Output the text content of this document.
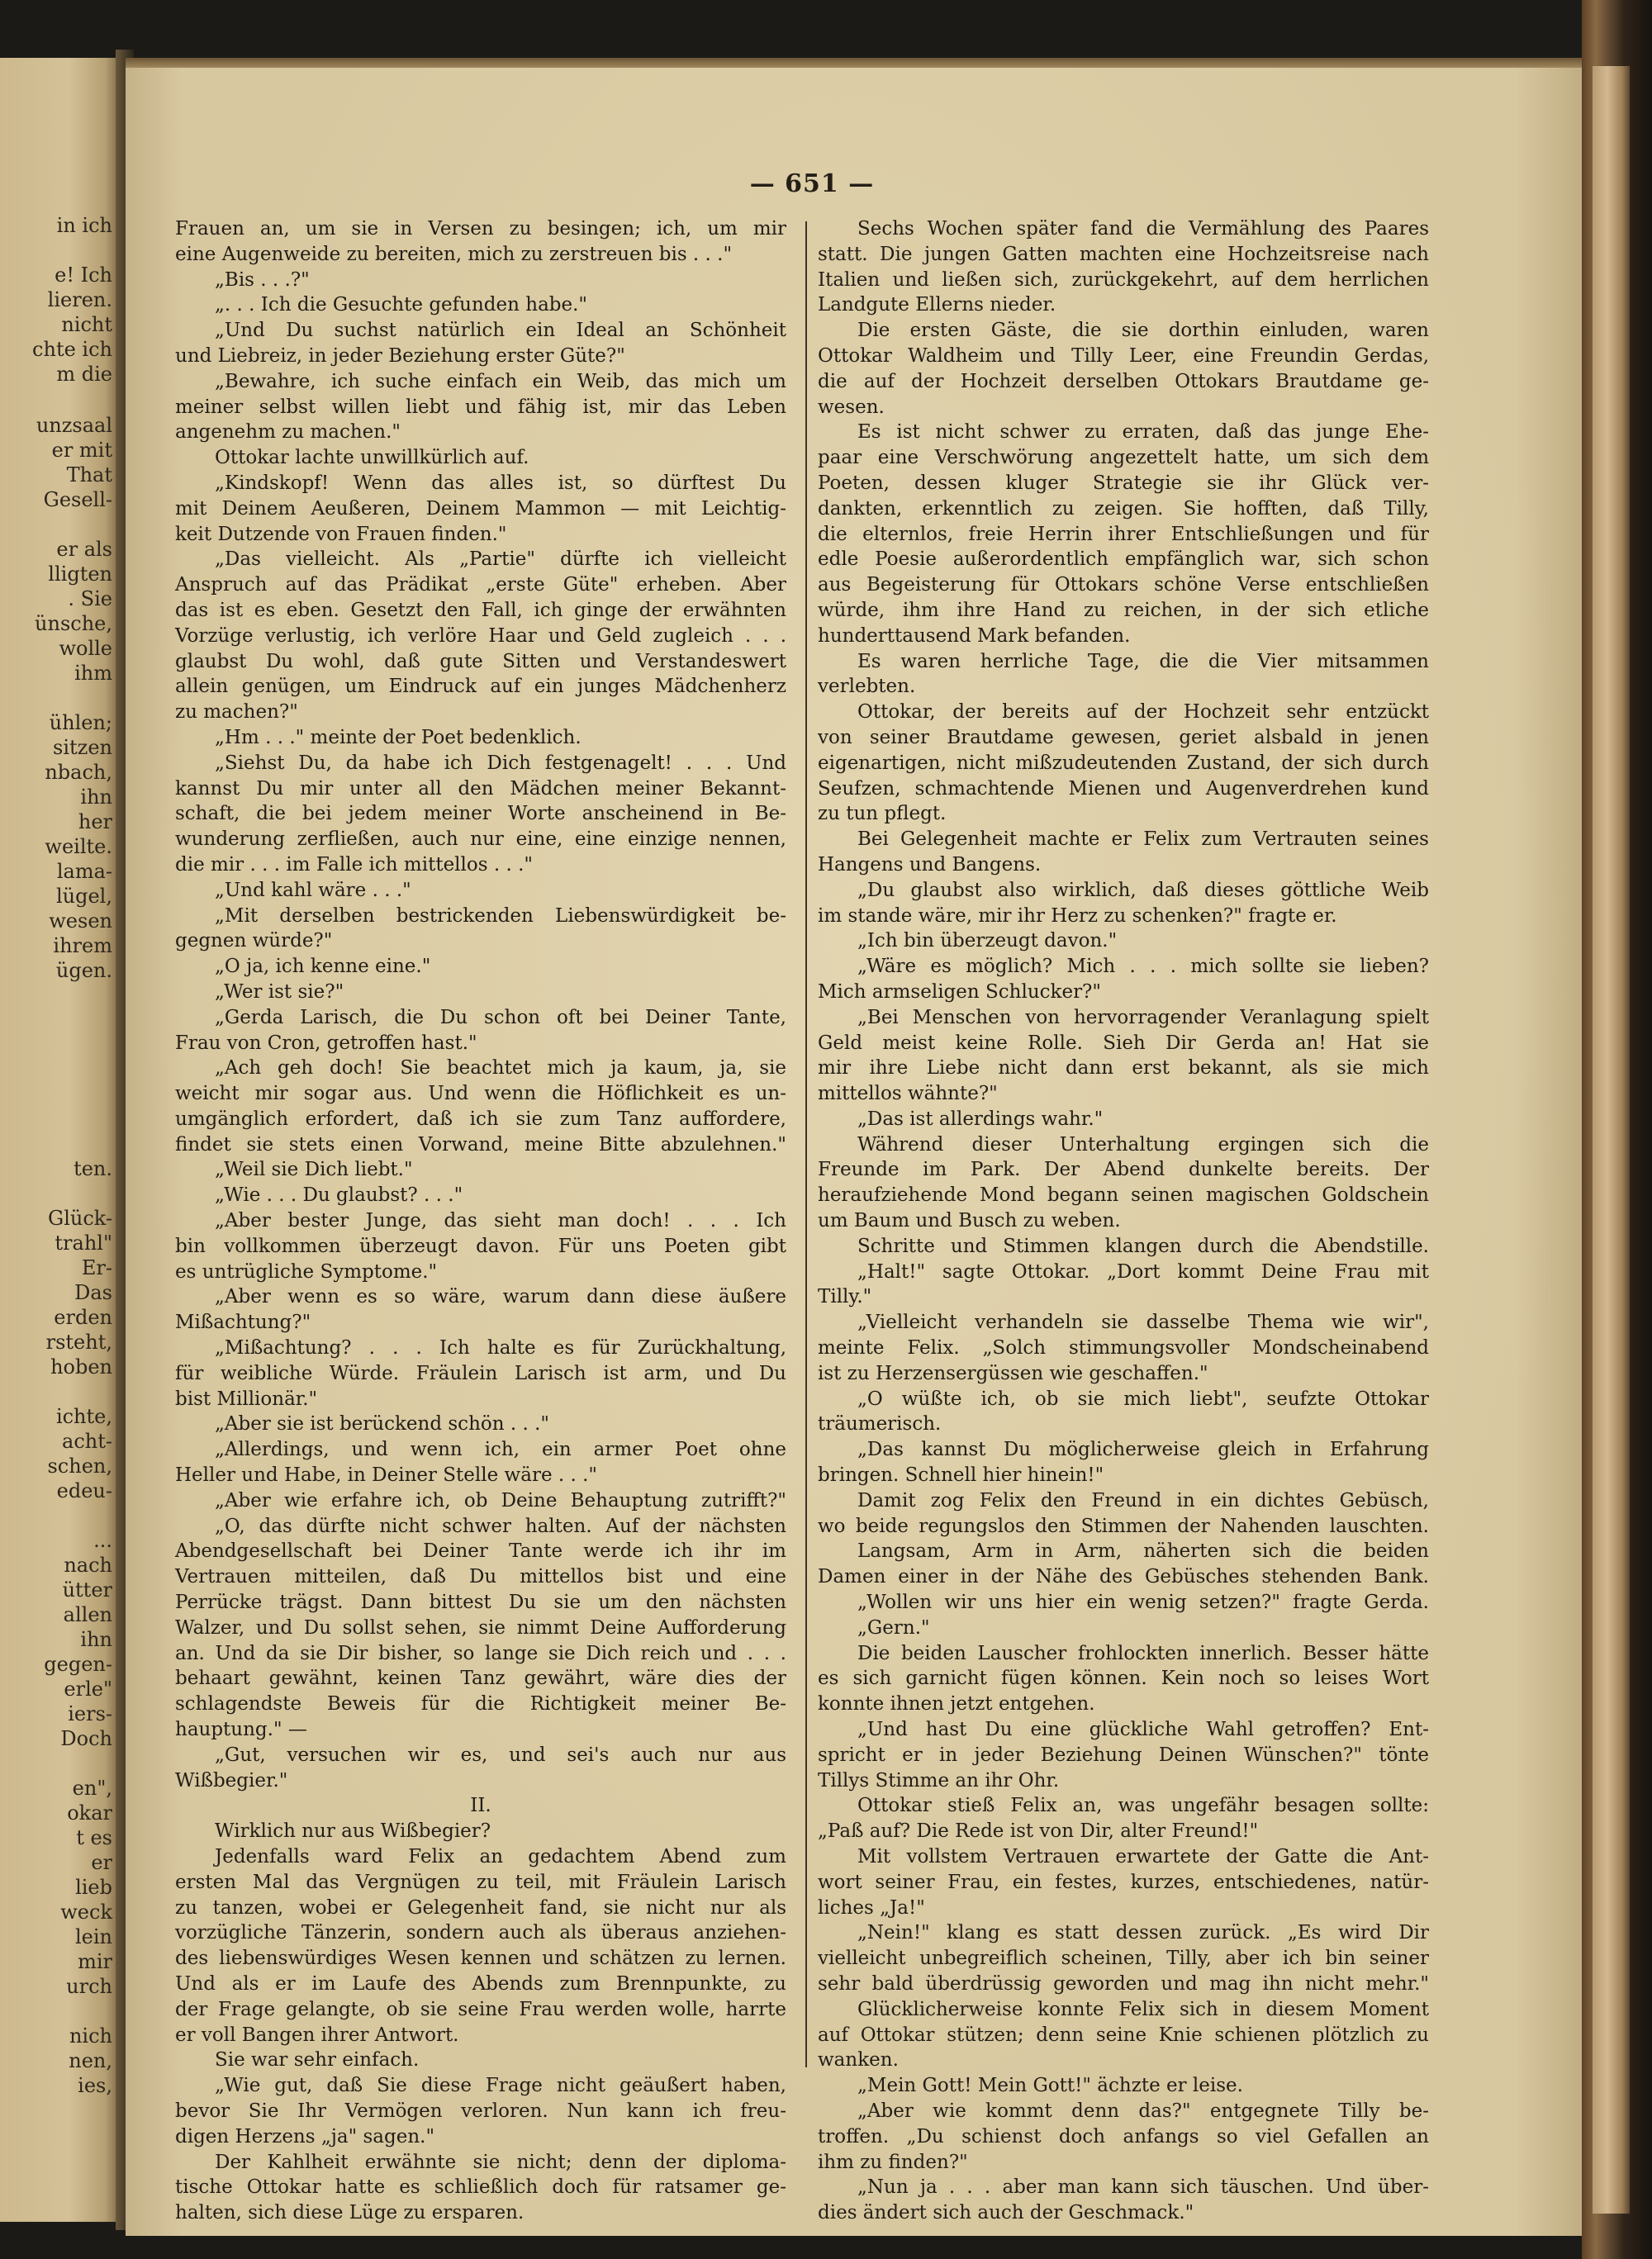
in ich

e! Ich

lieren.

nicht

chte ich

m die

unzsaal

er mit

That

Gesell-

er als

lligten

. Sie

ünsche,

wolle

ihm

ühlen;

sitzen

nbach,

ihn

her

weilte.

lama-

lügel,

wesen

ihrem

ügen.

ten.

Glück-

trahl"

Er-

Das

erden

rsteht,

hoben

ichte,

acht-

schen,

edeu-

...

nach

ütter

allen

ihn

gegen-

erle"

iers-

Doch

en",

okar

t es

er

lieb

weck

lein

mir

urch

nich

nen,

ies,

— 651 —

Frauen an, um sie in Versen zu besingen; ich, um mir

eine Augenweide zu bereiten, mich zu zerstreuen bis . . ."

„Bis . . .?"

„. . . Ich die Gesuchte gefunden habe."

„Und Du suchst natürlich ein Ideal an Schönheit

und Liebreiz, in jeder Beziehung erster Güte?"

„Bewahre, ich suche einfach ein Weib, das mich um

meiner selbst willen liebt und fähig ist, mir das Leben

angenehm zu machen."

Ottokar lachte unwillkürlich auf.

„Kindskopf! Wenn das alles ist, so dürftest Du

mit Deinem Aeußeren, Deinem Mammon — mit Leichtig-

keit Dutzende von Frauen finden."

„Das vielleicht. Als „Partie" dürfte ich vielleicht

Anspruch auf das Prädikat „erste Güte" erheben. Aber

das ist es eben. Gesetzt den Fall, ich ginge der erwähnten

Vorzüge verlustig, ich verlöre Haar und Geld zugleich . . .

glaubst Du wohl, daß gute Sitten und Verstandeswert

allein genügen, um Eindruck auf ein junges Mädchenherz

zu machen?"

„Hm . . ." meinte der Poet bedenklich.

„Siehst Du, da habe ich Dich festgenagelt! . . . Und

kannst Du mir unter all den Mädchen meiner Bekannt-

schaft, die bei jedem meiner Worte anscheinend in Be-

wunderung zerfließen, auch nur eine, eine einzige nennen,

die mir . . . im Falle ich mittellos . . ."

„Und kahl wäre . . ."

„Mit derselben bestrickenden Liebenswürdigkeit be-

gegnen würde?"

„O ja, ich kenne eine."

„Wer ist sie?"

„Gerda Larisch, die Du schon oft bei Deiner Tante,

Frau von Cron, getroffen hast."

„Ach geh doch! Sie beachtet mich ja kaum, ja, sie

weicht mir sogar aus. Und wenn die Höflichkeit es un-

umgänglich erfordert, daß ich sie zum Tanz auffordere,

findet sie stets einen Vorwand, meine Bitte abzulehnen."

„Weil sie Dich liebt."

„Wie . . . Du glaubst? . . ."

„Aber bester Junge, das sieht man doch! . . . Ich

bin vollkommen überzeugt davon. Für uns Poeten gibt

es untrügliche Symptome."

„Aber wenn es so wäre, warum dann diese äußere

Mißachtung?"

„Mißachtung? . . . Ich halte es für Zurückhaltung,

für weibliche Würde. Fräulein Larisch ist arm, und Du

bist Millionär."

„Aber sie ist berückend schön . . ."

„Allerdings, und wenn ich, ein armer Poet ohne

Heller und Habe, in Deiner Stelle wäre . . ."

„Aber wie erfahre ich, ob Deine Behauptung zutrifft?"

„O, das dürfte nicht schwer halten. Auf der nächsten

Abendgesellschaft bei Deiner Tante werde ich ihr im

Vertrauen mitteilen, daß Du mittellos bist und eine

Perrücke trägst. Dann bittest Du sie um den nächsten

Walzer, und Du sollst sehen, sie nimmt Deine Aufforderung

an. Und da sie Dir bisher, so lange sie Dich reich und . . .

behaart gewähnt, keinen Tanz gewährt, wäre dies der

schlagendste Beweis für die Richtigkeit meiner Be-

hauptung." —

„Gut, versuchen wir es, und sei's auch nur aus

Wißbegier."

II.

Wirklich nur aus Wißbegier?

Jedenfalls ward Felix an gedachtem Abend zum

ersten Mal das Vergnügen zu teil, mit Fräulein Larisch

zu tanzen, wobei er Gelegenheit fand, sie nicht nur als

vorzügliche Tänzerin, sondern auch als überaus anziehen-

des liebenswürdiges Wesen kennen und schätzen zu lernen.

Und als er im Laufe des Abends zum Brennpunkte, zu

der Frage gelangte, ob sie seine Frau werden wolle, harrte

er voll Bangen ihrer Antwort.

Sie war sehr einfach.

„Wie gut, daß Sie diese Frage nicht geäußert haben,

bevor Sie Ihr Vermögen verloren. Nun kann ich freu-

digen Herzens „ja" sagen."

Der Kahlheit erwähnte sie nicht; denn der diploma-

tische Ottokar hatte es schließlich doch für ratsamer ge-

halten, sich diese Lüge zu ersparen.

Sechs Wochen später fand die Vermählung des Paares

statt. Die jungen Gatten machten eine Hochzeitsreise nach

Italien und ließen sich, zurückgekehrt, auf dem herrlichen

Landgute Ellerns nieder.

Die ersten Gäste, die sie dorthin einluden, waren

Ottokar Waldheim und Tilly Leer, eine Freundin Gerdas,

die auf der Hochzeit derselben Ottokars Brautdame ge-

wesen.

Es ist nicht schwer zu erraten, daß das junge Ehe-

paar eine Verschwörung angezettelt hatte, um sich dem

Poeten, dessen kluger Strategie sie ihr Glück ver-

dankten, erkenntlich zu zeigen. Sie hofften, daß Tilly,

die elternlos, freie Herrin ihrer Entschließungen und für

edle Poesie außerordentlich empfänglich war, sich schon

aus Begeisterung für Ottokars schöne Verse entschließen

würde, ihm ihre Hand zu reichen, in der sich etliche

hunderttausend Mark befanden.

Es waren herrliche Tage, die die Vier mitsammen

verlebten.

Ottokar, der bereits auf der Hochzeit sehr entzückt

von seiner Brautdame gewesen, geriet alsbald in jenen

eigenartigen, nicht mißzudeutenden Zustand, der sich durch

Seufzen, schmachtende Mienen und Augenverdrehen kund

zu tun pflegt.

Bei Gelegenheit machte er Felix zum Vertrauten seines

Hangens und Bangens.

„Du glaubst also wirklich, daß dieses göttliche Weib

im stande wäre, mir ihr Herz zu schenken?" fragte er.

„Ich bin überzeugt davon."

„Wäre es möglich? Mich . . . mich sollte sie lieben?

Mich armseligen Schlucker?"

„Bei Menschen von hervorragender Veranlagung spielt

Geld meist keine Rolle. Sieh Dir Gerda an! Hat sie

mir ihre Liebe nicht dann erst bekannt, als sie mich

mittellos wähnte?"

„Das ist allerdings wahr."

Während dieser Unterhaltung ergingen sich die

Freunde im Park. Der Abend dunkelte bereits. Der

heraufziehende Mond begann seinen magischen Goldschein

um Baum und Busch zu weben.

Schritte und Stimmen klangen durch die Abendstille.

„Halt!" sagte Ottokar. „Dort kommt Deine Frau mit

Tilly."

„Vielleicht verhandeln sie dasselbe Thema wie wir",

meinte Felix. „Solch stimmungsvoller Mondscheinabend

ist zu Herzensergüssen wie geschaffen."

„O wüßte ich, ob sie mich liebt", seufzte Ottokar

träumerisch.

„Das kannst Du möglicherweise gleich in Erfahrung

bringen. Schnell hier hinein!"

Damit zog Felix den Freund in ein dichtes Gebüsch,

wo beide regungslos den Stimmen der Nahenden lauschten.

Langsam, Arm in Arm, näherten sich die beiden

Damen einer in der Nähe des Gebüsches stehenden Bank.

„Wollen wir uns hier ein wenig setzen?" fragte Gerda.

„Gern."

Die beiden Lauscher frohlockten innerlich. Besser hätte

es sich garnicht fügen können. Kein noch so leises Wort

konnte ihnen jetzt entgehen.

„Und hast Du eine glückliche Wahl getroffen? Ent-

spricht er in jeder Beziehung Deinen Wünschen?" tönte

Tillys Stimme an ihr Ohr.

Ottokar stieß Felix an, was ungefähr besagen sollte:

„Paß auf? Die Rede ist von Dir, alter Freund!"

Mit vollstem Vertrauen erwartete der Gatte die Ant-

wort seiner Frau, ein festes, kurzes, entschiedenes, natür-

liches „Ja!"

„Nein!" klang es statt dessen zurück. „Es wird Dir

vielleicht unbegreiflich scheinen, Tilly, aber ich bin seiner

sehr bald überdrüssig geworden und mag ihn nicht mehr."

Glücklicherweise konnte Felix sich in diesem Moment

auf Ottokar stützen; denn seine Knie schienen plötzlich zu

wanken.

„Mein Gott! Mein Gott!" ächzte er leise.

„Aber wie kommt denn das?" entgegnete Tilly be-

troffen. „Du schienst doch anfangs so viel Gefallen an

ihm zu finden?"

„Nun ja . . . aber man kann sich täuschen. Und über-

dies ändert sich auch der Geschmack."
